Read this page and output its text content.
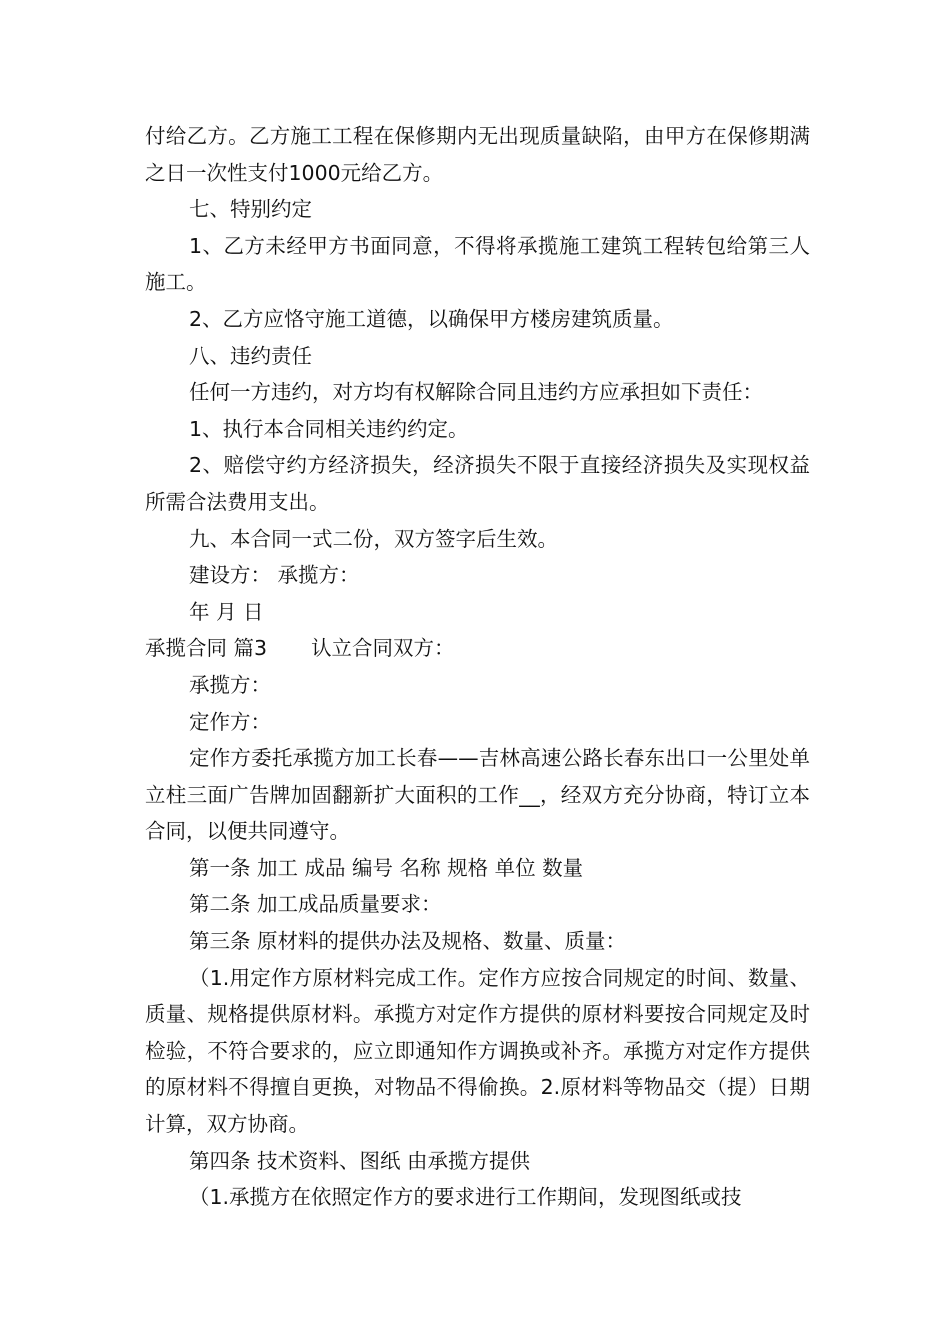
付给乙方。乙方施工工程在保修期内无出现质量缺陷，由甲方在保修期满之日一次性支付1000元给乙方。

七、特别约定

1、乙方未经甲方书面同意，不得将承揽施工建筑工程转包给第三人施工。

2、乙方应恪守施工道德，以确保甲方楼房建筑质量。

八、违约责任

任何一方违约，对方均有权解除合同且违约方应承担如下责任：

1、执行本合同相关违约约定。

2、赔偿守约方经济损失，经济损失不限于直接经济损失及实现权益所需合法费用支出。

九、本合同一式二份，双方签字后生效。

建设方： 承揽方：

年 月 日

承揽合同 篇3 认立合同双方：

承揽方：

定作方：

定作方委托承揽方加工长春——吉林高速公路长春东出口一公里处单立柱三面广告牌加固翻新扩大面积的工作__，经双方充分协商，特订立本合同，以便共同遵守。

第一条 加工 成品 编号 名称 规格 单位 数量

第二条 加工成品质量要求：

第三条 原材料的提供办法及规格、数量、质量：

（1.用定作方原材料完成工作。定作方应按合同规定的时间、数量、质量、规格提供原材料。承揽方对定作方提供的原材料要按合同规定及时检验，不符合要求的，应立即通知作方调换或补齐。承揽方对定作方提供的原材料不得擅自更换，对物品不得偷换。2.原材料等物品交（提）日期计算，双方协商。

第四条 技术资料、图纸 由承揽方提供

（1.承揽方在依照定作方的要求进行工作期间，发现图纸或技
